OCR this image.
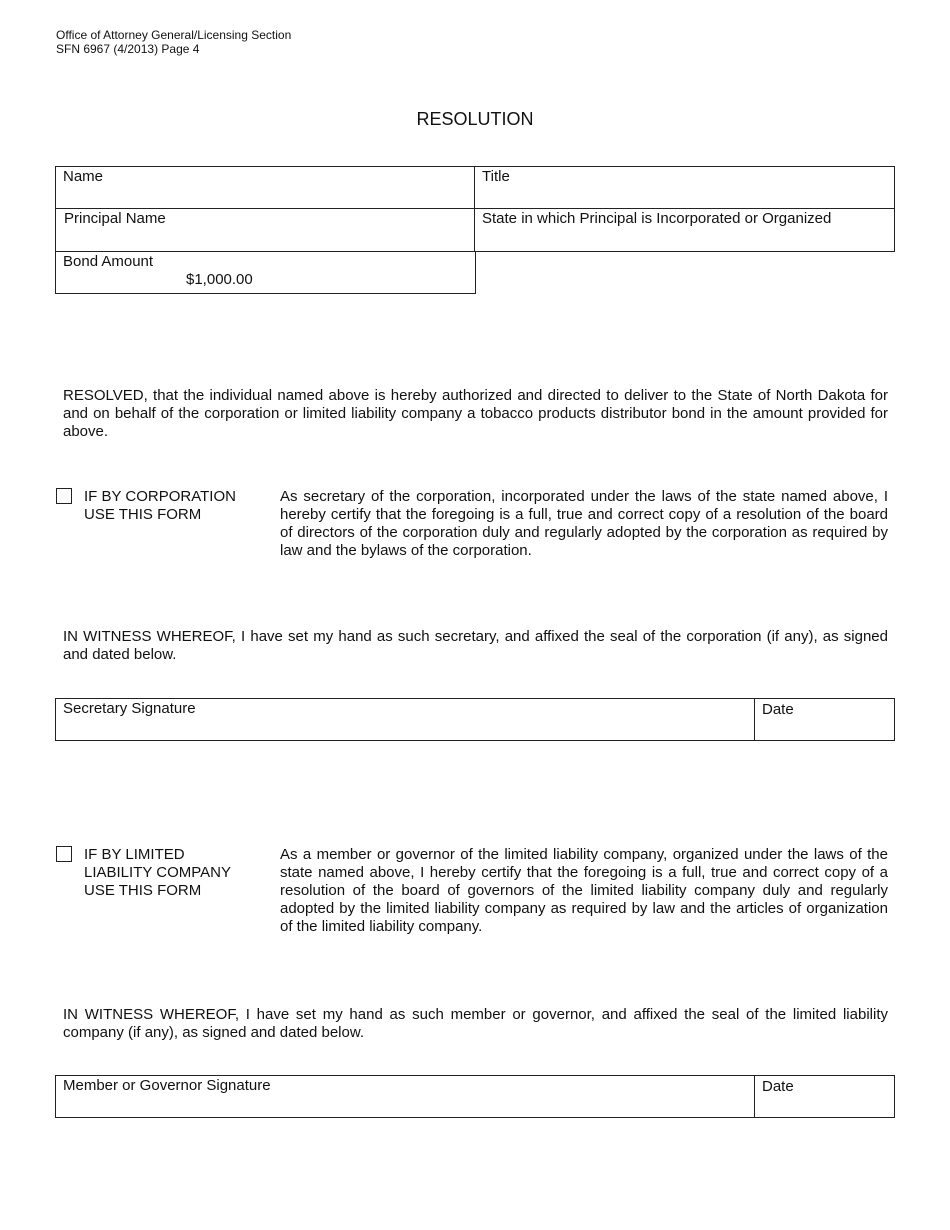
Office of Attorney General/Licensing Section
SFN 6967 (4/2013) Page 4
RESOLUTION
Name	Title
Principal Name	State in which Principal is Incorporated or Organized
Bond Amount
$1,000.00
RESOLVED, that the individual named above is hereby authorized and directed to deliver to the State of North Dakota for and on behalf of the corporation or limited liability company a tobacco products distributor bond in the amount provided for above.
IF BY CORPORATION
USE THIS FORM
As secretary of the corporation, incorporated under the laws of the state named above, I hereby certify that the foregoing is a full, true and correct copy of a resolution of the board of directors of the corporation duly and regularly adopted by the corporation as required by law and the bylaws of the corporation.
IN WITNESS WHEREOF, I have set my hand as such secretary, and affixed the seal of the corporation (if any), as signed and dated below.
Secretary Signature	Date
IF BY LIMITED
LIABILITY COMPANY
USE THIS FORM
As a member or governor of the limited liability company, organized under the laws of the state named above, I hereby certify that the foregoing is a full, true and correct copy of a resolution of the board of governors of the limited liability company duly and regularly adopted by the limited liability company as required by law and the articles of organization of the limited liability company.
IN WITNESS WHEREOF, I have set my hand as such member or governor, and affixed the seal of the limited liability company (if any), as signed and dated below.
Member or Governor Signature	Date
